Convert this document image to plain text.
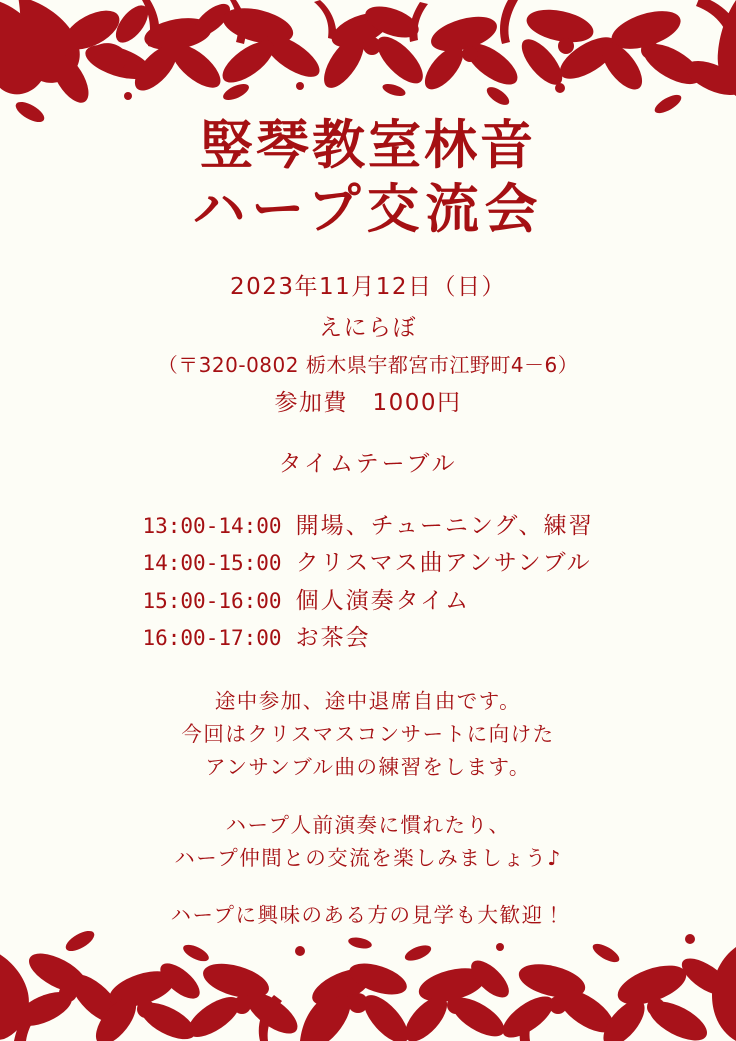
竪琴教室林音
ハープ交流会
2023年11月12日（日）
えにらぼ
（〒320-0802 栃木県宇都宮市江野町4－6）
参加費　1000円
タイムテーブル
13:00-14:00 開場、チューニング、練習
14:00-15:00 クリスマス曲アンサンブル
15:00-16:00 個人演奏タイム
16:00-17:00 お茶会
途中参加、途中退席自由です。
今回はクリスマスコンサートに向けた
アンサンブル曲の練習をします。
ハープ人前演奏に慣れたり、
ハープ仲間との交流を楽しみましょう♪
ハープに興味のある方の見学も大歓迎！
